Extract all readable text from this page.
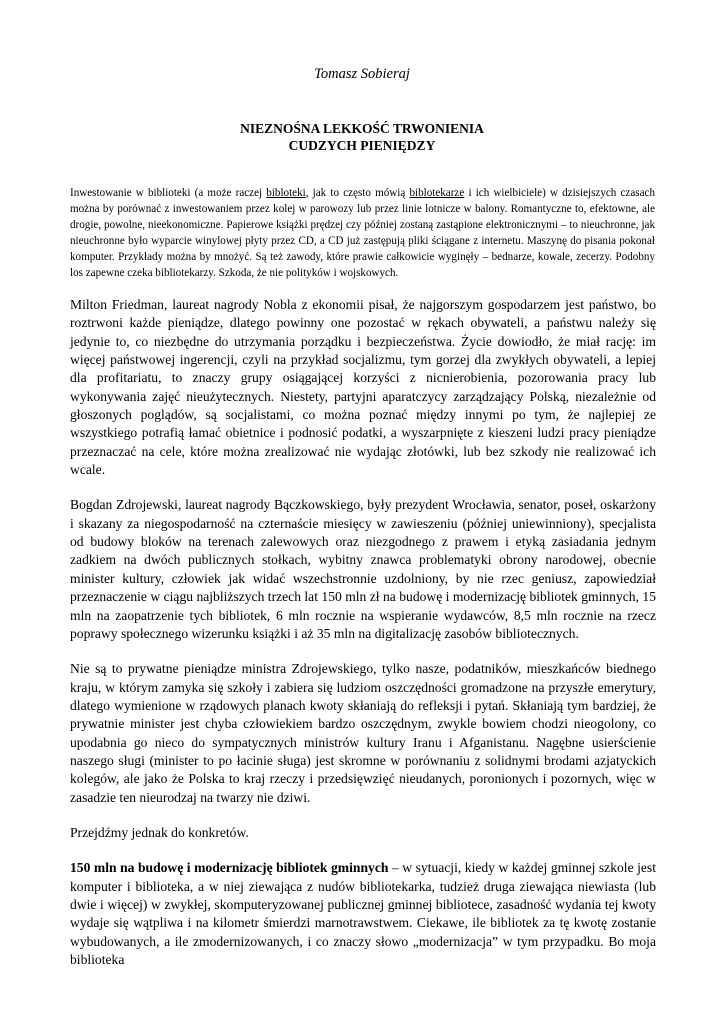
Tomasz Sobieraj
NIEZNOŚNA LEKKOŚĆ TRWONIENIA
CUDZYCH PIENIĘDZY
Inwestowanie w biblioteki (a może raczej bibloteki, jak to często mówią biblotekarze i ich wielbiciele) w dzisiejszych czasach można by porównać z inwestowaniem przez kolej w parowozy lub przez linie lotnicze w balony. Romantyczne to, efektowne, ale drogie, powolne, nieekonomiczne. Papierowe książki prędzej czy później zostaną zastąpione elektronicznymi – to nieuchronne, jak nieuchronne było wyparcie winylowej płyty przez CD, a CD już zastępują pliki ściągane z internetu. Maszynę do pisania pokonał komputer. Przykłady można by mnożyć. Są też zawody, które prawie całkowicie wyginęły – bednarze, kowale, zecerzy. Podobny los zapewne czeka bibliotekarzy. Szkoda, że nie polityków i wojskowych.

Milton Friedman, laureat nagrody Nobla z ekonomii pisał, że najgorszym gospodarzem jest państwo, bo roztrwoni każde pieniądze, dlatego powinny one pozostać w rękach obywateli, a państwu należy się jedynie to, co niezbędne do utrzymania porządku i bezpieczeństwa. Życie dowiodło, że miał rację: im więcej państwowej ingerencji, czyli na przykład socjalizmu, tym gorzej dla zwykłych obywateli, a lepiej dla profitariatu, to znaczy grupy osiągającej korzyści z nicnierobienia, pozorowania pracy lub wykonywania zajęć nieużytecznych. Niestety, partyjni aparatczycy zarządzający Polską, niezależnie od głoszonych poglądów, są socjalistami, co można poznać między innymi po tym, że najlepiej ze wszystkiego potrafią łamać obietnice i podnosić podatki, a wyszarpnięte z kieszeni ludzi pracy pieniądze przeznaczać na cele, które można zrealizować nie wydając złotówki, lub bez szkody nie realizować ich wcale.

Bogdan Zdrojewski, laureat nagrody Bączkowskiego, były prezydent Wrocławia, senator, poseł, oskarżony i skazany za niegospodarność na czternaście miesięcy w zawieszeniu (później uniewinniony), specjalista od budowy bloków na terenach zalewowych oraz niezgodnego z prawem i etyką zasiadania jednym zadkiem na dwóch publicznych stołkach, wybitny znawca problematyki obrony narodowej, obecnie minister kultury, człowiek jak widać wszechstronnie uzdolniony, by nie rzec geniusz, zapowiedział przeznaczenie w ciągu najbliższych trzech lat 150 mln zł na budowę i modernizację bibliotek gminnych, 15 mln na zaopatrzenie tych bibliotek, 6 mln rocznie na wspieranie wydawców, 8,5 mln rocznie na rzecz poprawy społecznego wizerunku książki i aż 35 mln na digitalizację zasobów bibliotecznych.

Nie są to prywatne pieniądze ministra Zdrojewskiego, tylko nasze, podatników, mieszkańców biednego kraju, w którym zamyka się szkoły i zabiera się ludziom oszczędności gromadzone na przyszłe emerytury, dlatego wymienione w rządowych planach kwoty skłaniają do refleksji i pytań. Skłaniają tym bardziej, że prywatnie minister jest chyba człowiekiem bardzo oszczędnym, zwykle bowiem chodzi nieogolony, co upodabnia go nieco do sympatycznych ministrów kultury Iranu i Afganistanu. Nagębne usierścienie naszego sługi (minister to po łacinie sługa) jest skromne w porównaniu z solidnymi brodami azjatyckich kolegów, ale jako że Polska to kraj rzeczy i przedsięwzięć nieudanych, poronionych i pozornych, więc w zasadzie ten nieurodzaj na twarzy nie dziwi.

Przejdźmy jednak do konkretów.

150 mln na budowę i modernizację bibliotek gminnych – w sytuacji, kiedy w każdej gminnej szkole jest komputer i biblioteka, a w niej ziewająca z nudów bibliotekarka, tudzież druga ziewająca niewiasta (lub dwie i więcej) w zwykłej, skomputeryzowanej publicznej gminnej bibliotece, zasadność wydania tej kwoty wydaje się wątpliwa i na kilometr śmierdzi marnotrawstwem. Ciekawe, ile bibliotek za tę kwotę zostanie wybudowanych, a ile zmodernizowanych, i co znaczy słowo „modernizacja” w tym przypadku. Bo moja biblioteka
